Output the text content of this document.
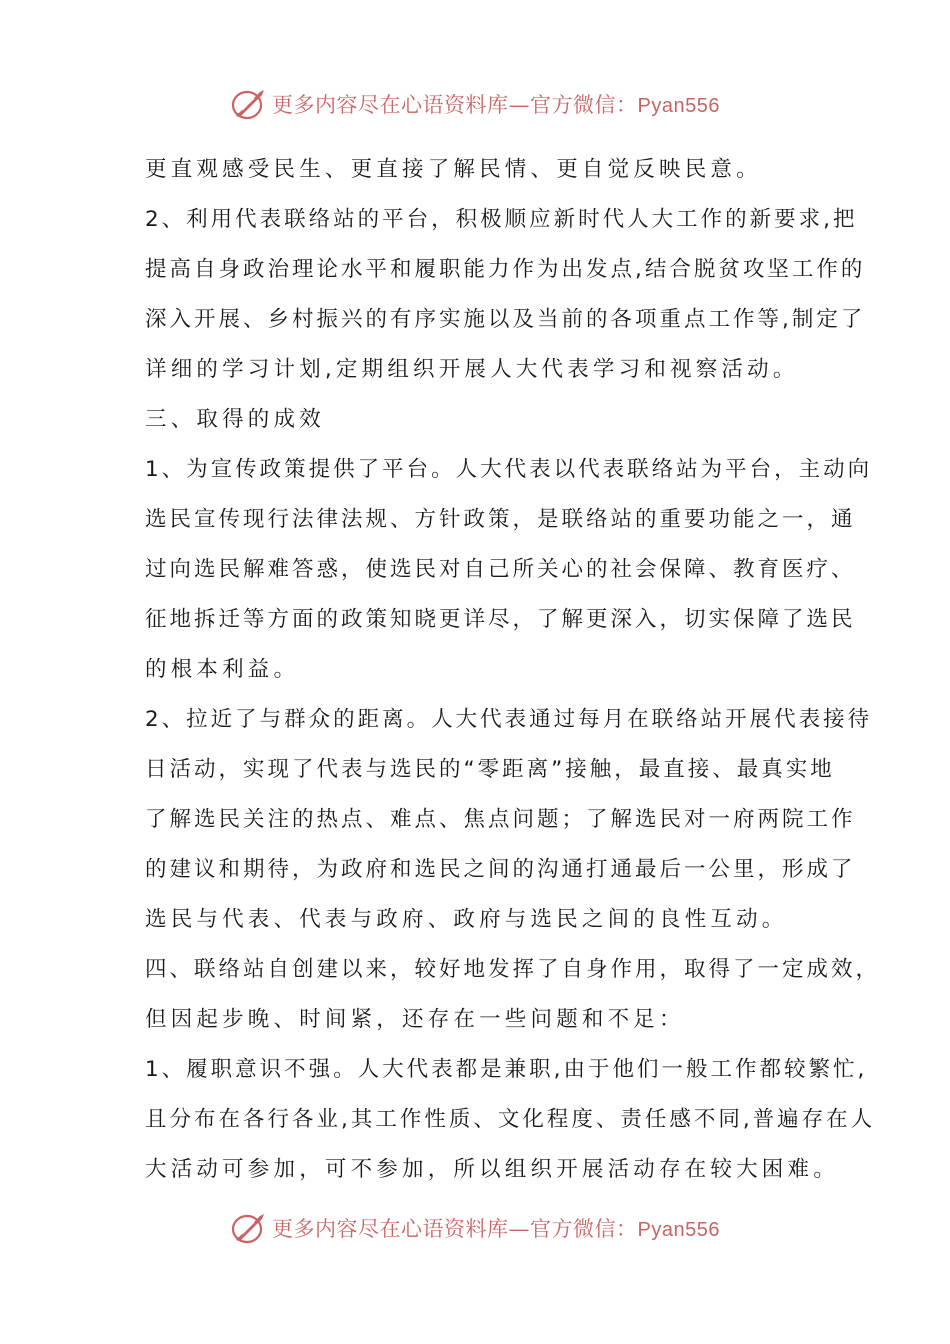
更多内容尽在心语资料库—官方微信：Pyan556
更直观感受民生、更直接了解民情、更自觉反映民意。
2、利用代表联络站的平台，积极顺应新时代人大工作的新要求,把
提高自身政治理论水平和履职能力作为出发点,结合脱贫攻坚工作的
深入开展、乡村振兴的有序实施以及当前的各项重点工作等,制定了
详细的学习计划,定期组织开展人大代表学习和视察活动。
三、取得的成效
1、为宣传政策提供了平台。人大代表以代表联络站为平台，主动向
选民宣传现行法律法规、方针政策，是联络站的重要功能之一，通
过向选民解难答惑，使选民对自己所关心的社会保障、教育医疗、
征地拆迁等方面的政策知晓更详尽，了解更深入，切实保障了选民
的根本利益。
2、拉近了与群众的距离。人大代表通过每月在联络站开展代表接待
日活动，实现了代表与选民的“零距离”接触，最直接、最真实地
了解选民关注的热点、难点、焦点问题；了解选民对一府两院工作
的建议和期待，为政府和选民之间的沟通打通最后一公里，形成了
选民与代表、代表与政府、政府与选民之间的良性互动。
四、联络站自创建以来，较好地发挥了自身作用，取得了一定成效，
但因起步晚、时间紧，还存在一些问题和不足：
1、履职意识不强。人大代表都是兼职,由于他们一般工作都较繁忙,
且分布在各行各业,其工作性质、文化程度、责任感不同,普遍存在人
大活动可参加，可不参加，所以组织开展活动存在较大困难。
更多内容尽在心语资料库—官方微信：Pyan556
